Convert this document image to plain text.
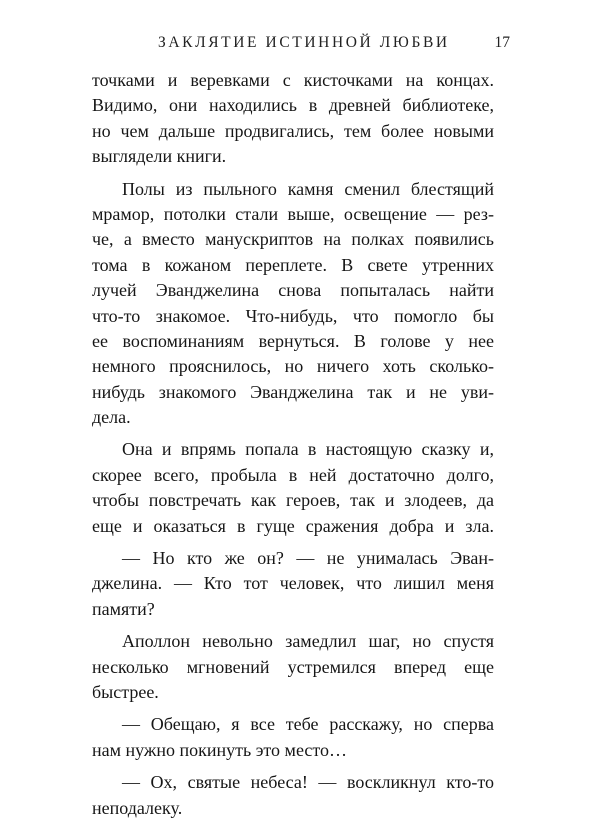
ЗАКЛЯТИЕ ИСТИННОЙ ЛЮБВИ	17
точками и веревками с кисточками на концах.
Видимо, они находились в древней библиотеке,
но чем дальше продвигались, тем более новыми
выглядели книги.
Полы из пыльного камня сменил блестящий
мрамор, потолки стали выше, освещение — рез-
че, а вместо манускриптов на полках появились
тома в кожаном переплете. В свете утренних
лучей Эванджелина снова попыталась найти
что-то знакомое. Что-нибудь, что помогло бы
ее воспоминаниям вернуться. В голове у нее
немного прояснилось, но ничего хоть сколько-
нибудь знакомого Эванджелина так и не уви-
дела.
Она и впрямь попала в настоящую сказку и,
скорее всего, пробыла в ней достаточно долго,
чтобы повстречать как героев, так и злодеев, да
еще и оказаться в гуще сражения добра и зла.
— Но кто же он? — не унималась Эван-
джелина. — Кто тот человек, что лишил меня
памяти?
Аполлон невольно замедлил шаг, но спустя
несколько мгновений устремился вперед еще
быстрее.
— Обещаю, я все тебе расскажу, но сперва
нам нужно покинуть это место…
— Ох, святые небеса! — воскликнул кто-то
неподалеку.
